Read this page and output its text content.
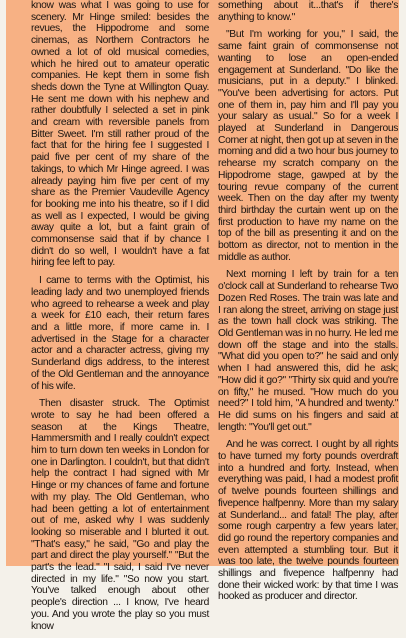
know was what I was going to use for scenery. Mr Hinge smiled: besides the revues, the Hippodrome and some cinemas, as Northern Contractors he owned a lot of old musical comedies, which he hired out to amateur operatic companies. He kept them in some fish sheds down the Tyne at Willington Quay. He sent me down with his nephew and rather doubtfully I selected a set in pink and cream with reversible panels from Bitter Sweet. I'm still rather proud of the fact that for the hiring fee I suggested I paid five per cent of my share of the takings, to which Mr Hinge agreed. I was already paying him five per cent of my share as the Premier Vaudeville Agency for booking me into his theatre, so if I did as well as I expected, I would be giving away quite a lot, but a faint grain of commonsense said that if by chance I didn't do so well, I wouldn't have a fat hiring fee left to pay.

I came to terms with the Optimist, his leading lady and two unemployed friends who agreed to rehearse a week and play a week for £10 each, their return fares and a little more, if more came in. I advertised in the Stage for a character actor and a character actress, giving my Sunderland digs address, to the interest of the Old Gentleman and the annoyance of his wife.

Then disaster struck. The Optimist wrote to say he had been offered a season at the Kings Theatre, Hammersmith and I really couldn't expect him to turn down ten weeks in London for one in Darlington. I couldn't, but that didn't help the contract I had signed with Mr Hinge or my chances of fame and fortune with my play. The Old Gentleman, who had been getting a lot of entertainment out of me, asked why I was suddenly looking so miserable and I blurted it out. "That's easy," he said, "Go and play the part and direct the play yourself." "But the part's the lead." "I said, I said I've never directed in my life." "So now you start. You've talked enough about other people's direction ... I know, I've heard you. And you wrote the play so you must know

something about it...that's if there's anything to know."

"But I'm working for you," I said, the same faint grain of commonsense not wanting to lose an open-ended engagement at Sunderland. "Do like the musicians, put in a deputy." I blinked. "You've been advertising for actors. Put one of them in, pay him and I'll pay you your salary as usual." So for a week I played at Sunderland in Dangerous Corner at night, then got up at seven in the morning and did a two hour bus journey to rehearse my scratch company on the Hippodrome stage, gawped at by the touring revue company of the current week. Then on the day after my twenty third birthday the curtain went up on the first production to have my name on the top of the bill as presenting it and on the bottom as director, not to mention in the middle as author.

Next morning I left by train for a ten o'clock call at Sunderland to rehearse Two Dozen Red Roses. The train was late and I ran along the street, arriving on stage just as the town hall clock was striking. The Old Gentleman was in no hurry. He led me down off the stage and into the stalls. "What did you open to?" he said and only when I had answered this, did he ask; "How did it go?" "Thirty six quid and you're on fifty," he mused. "How much do you need?" I told him, "A hundred and twenty." He did sums on his fingers and said at length: "You'll get out."

And he was correct. I ought by all rights to have turned my forty pounds overdraft into a hundred and forty. Instead, when everything was paid, I had a modest profit of twelve pounds fourteen shillings and fivepence halfpenny. More than my salary at Sunderland... and fatal! The play, after some rough carpentry a few years later, did go round the repertory companies and even attempted a stumbling tour. But it was too late, the twelve pounds fourteen shillings and fivepence halfpenny had done their wicked work: by that time I was hooked as producer and director.
